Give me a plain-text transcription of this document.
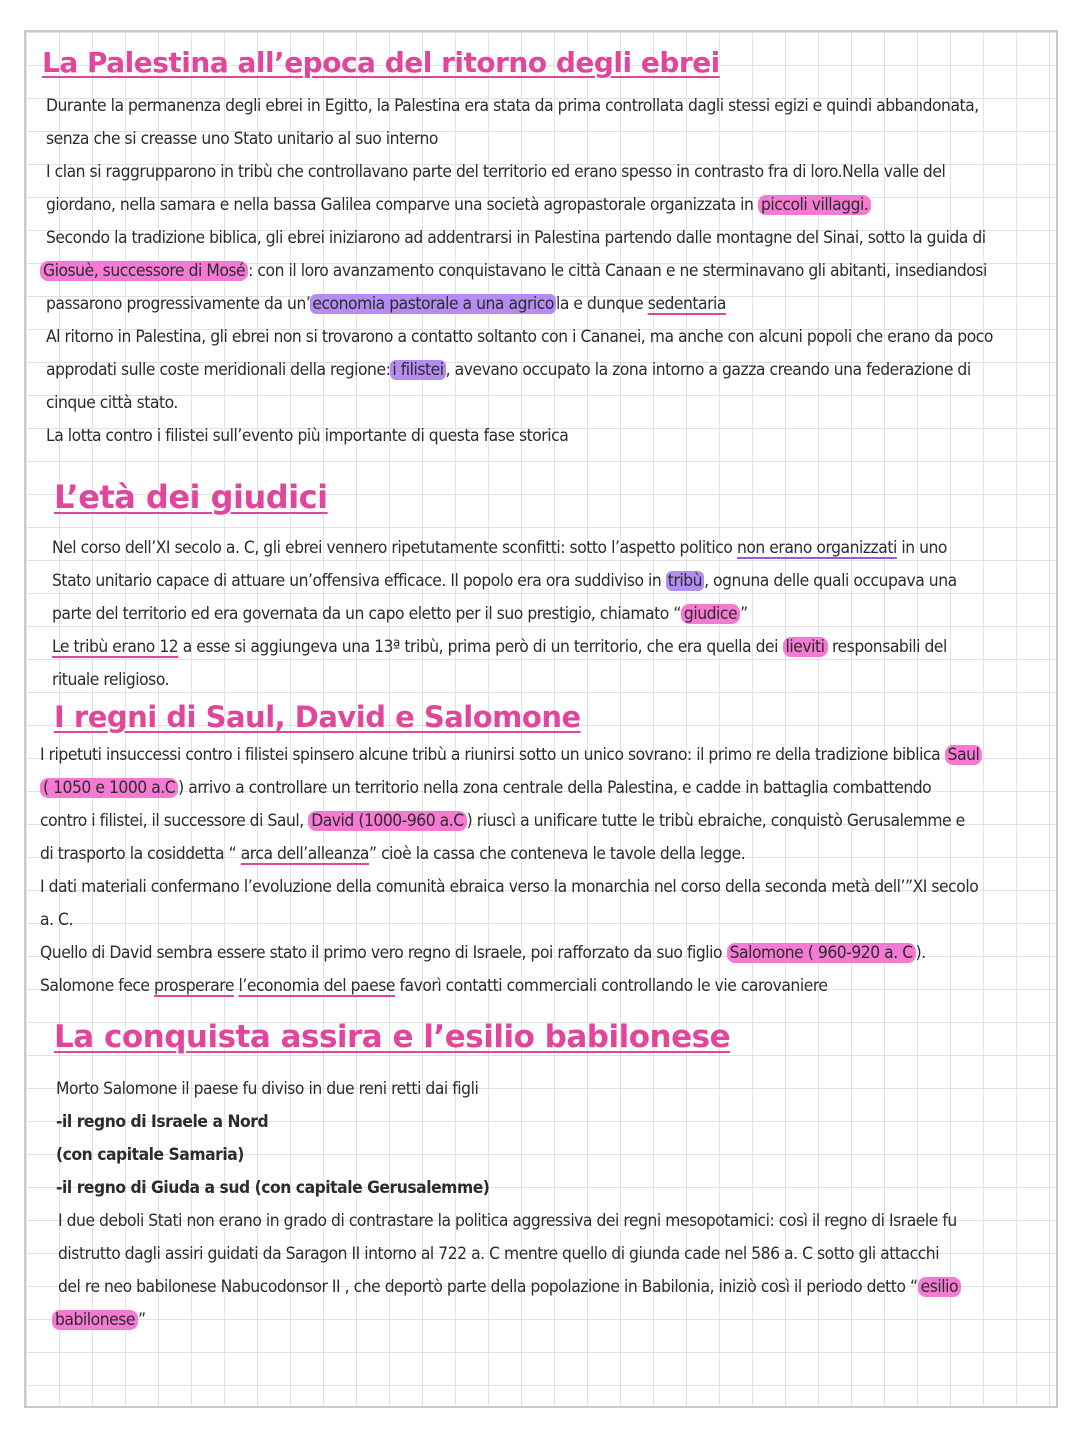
La Palestina all’epoca del ritorno degli ebrei
Durante la permanenza degli ebrei in Egitto, la Palestina era stata da prima controllata dagli stessi egizi e quindi abbandonata,
senza che si creasse uno Stato unitario al suo interno
I clan si raggrupparono in tribù che controllavano parte del territorio ed erano spesso in contrasto fra di loro.Nella valle del
giordano, nella samara e nella bassa Galilea comparve una società agropastorale organizzata in piccoli villaggi.
Secondo la tradizione biblica, gli ebrei iniziarono ad addentrarsi in Palestina partendo dalle montagne del Sinai, sotto la guida di
Giosuè, successore di Mosé : con il loro avanzamento conquistavano le città Canaan e ne sterminavano gli abitanti, insediandosi
passarono progressivamente da un’ economia pastorale a una agrico la e dunque sedentaria
Al ritorno in Palestina, gli ebrei non si trovarono a contatto soltanto con i Cananei, ma anche con alcuni popoli che erano da poco
approdati sulle coste meridionali della regione: i filistei , avevano occupato la zona intorno a gazza creando una federazione di
cinque città stato.
La lotta contro i filistei sull’evento più importante di questa fase storica
L’età dei giudici
Nel corso dell’XI secolo a. C, gli ebrei vennero ripetutamente sconfitti: sotto l’aspetto politico non erano organizzati in uno
Stato unitario capace di attuare un’offensiva efficace. Il popolo era ora suddiviso in tribù , ognuna delle quali occupava una
parte del territorio ed era governata da un capo eletto per il suo prestigio, chiamato “ giudice ”
Le tribù erano 12 a esse si aggiungeva una 13ª tribù, prima però di un territorio, che era quella dei lieviti responsabili del
rituale religioso.
I regni di Saul, David e Salomone
I ripetuti insuccessi contro i filistei spinsero alcune tribù a riunirsi sotto un unico sovrano: il primo re della tradizione biblica Saul
( 1050 e 1000 a.C ) arrivo a controllare un territorio nella zona centrale della Palestina, e cadde in battaglia combattendo
contro i filistei, il successore di Saul, David (1000-960 a.C ) riuscì a unificare tutte le tribù ebraiche, conquistò Gerusalemme e
di trasporto la cosiddetta “ arca dell’alleanza” cioè la cassa che conteneva le tavole della legge.
I dati materiali confermano l’evoluzione della comunità ebraica verso la monarchia nel corso della seconda metà dell’”XI secolo
a. C.
Quello di David sembra essere stato il primo vero regno di Israele, poi rafforzato da suo figlio Salomone ( 960-920 a. C ).
Salomone fece prosperare l’economia del paese favorì contatti commerciali controllando le vie carovaniere
La conquista assira e l’esilio babilonese
Morto Salomone il paese fu diviso in due reni retti dai figli
-il regno di Israele a Nord
(con capitale Samaria)
-il regno di Giuda a sud (con capitale Gerusalemme)
I due deboli Stati non erano in grado di contrastare la politica aggressiva dei regni mesopotamici: così il regno di Israele fu
distrutto dagli assiri guidati da Saragon II intorno al 722 a. C mentre quello di giunda cade nel 586 a. C sotto gli attacchi
del re neo babilonese Nabucodonsor II , che deportò parte della popolazione in Babilonia, iniziò così il periodo detto “ esilio
babilonese ”
